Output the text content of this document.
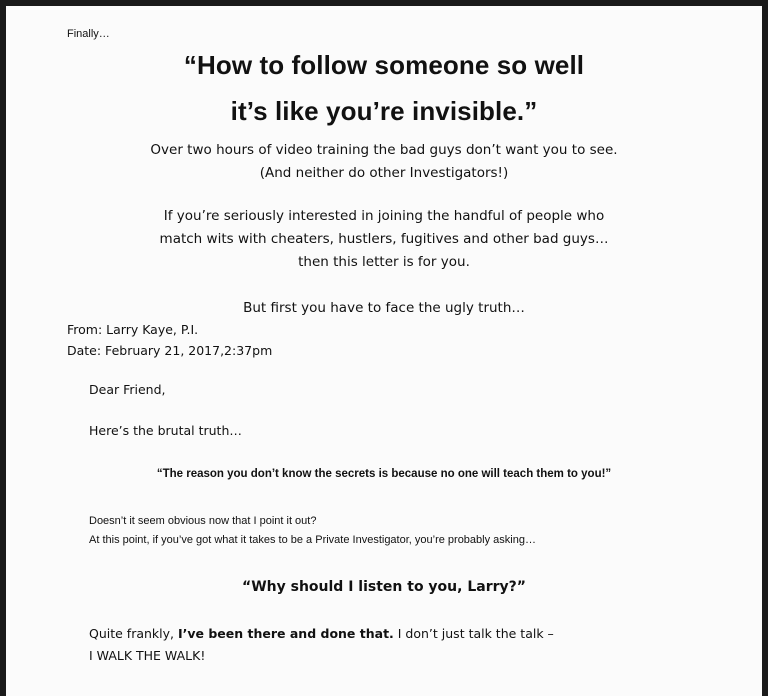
Finally…
“How to follow someone so well
it’s like you’re invisible.”
Over two hours of video training the bad guys don’t want you to see.
(And neither do other Investigators!)
If you’re seriously interested in joining the handful of people who
match wits with cheaters, hustlers, fugitives and other bad guys…
then this letter is for you.
But first you have to face the ugly truth…
From: Larry Kaye, P.I.
Date: February 21, 2017,2:37pm
Dear Friend,
Here’s the brutal truth…
“The reason you don’t know the secrets is because no one will teach them to you!”
Doesn’t it seem obvious now that I point it out?
At this point, if you’ve got what it takes to be a Private Investigator, you’re probably asking…
“Why should I listen to you, Larry?”
Quite frankly, I’ve been there and done that. I don’t just talk the talk –
I WALK THE WALK!
